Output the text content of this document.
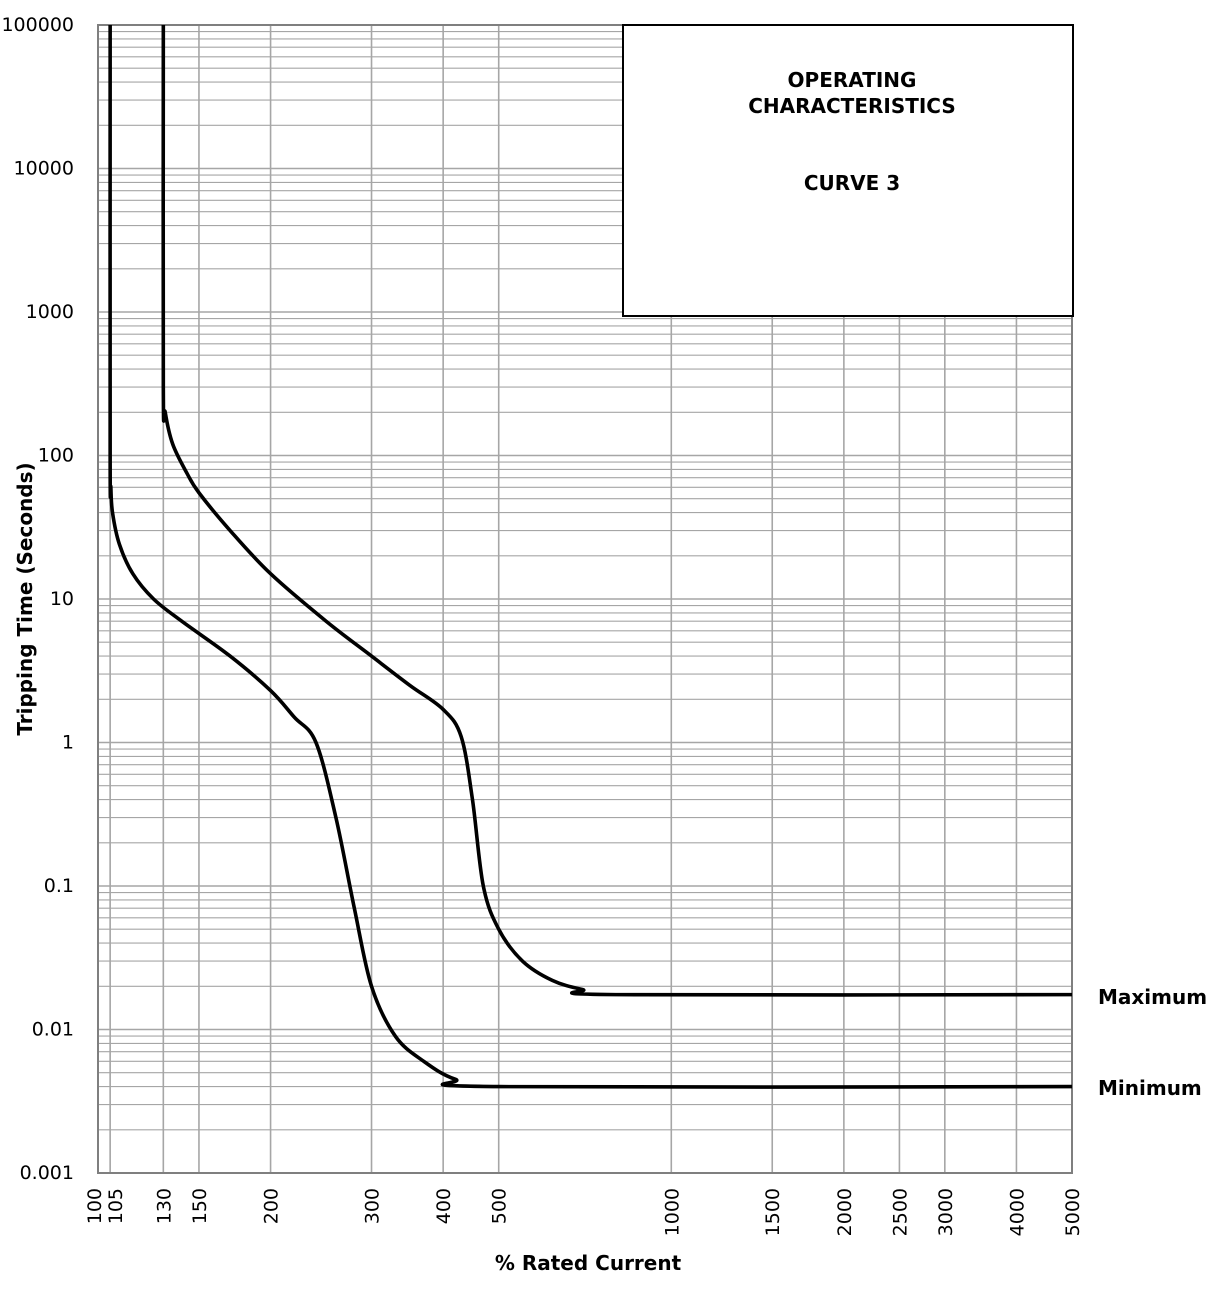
0.001
0.01
0.1
1
10
100
1000
10000
100000
100 105 130 150	200	300	400 500	1000	1500	2000 2500 3000	4000 5000
OPERATING
CHARACTERISTICS
CURVE 3
Maximum
Minimum
Tripping Time (Seconds)
% Rated Current
